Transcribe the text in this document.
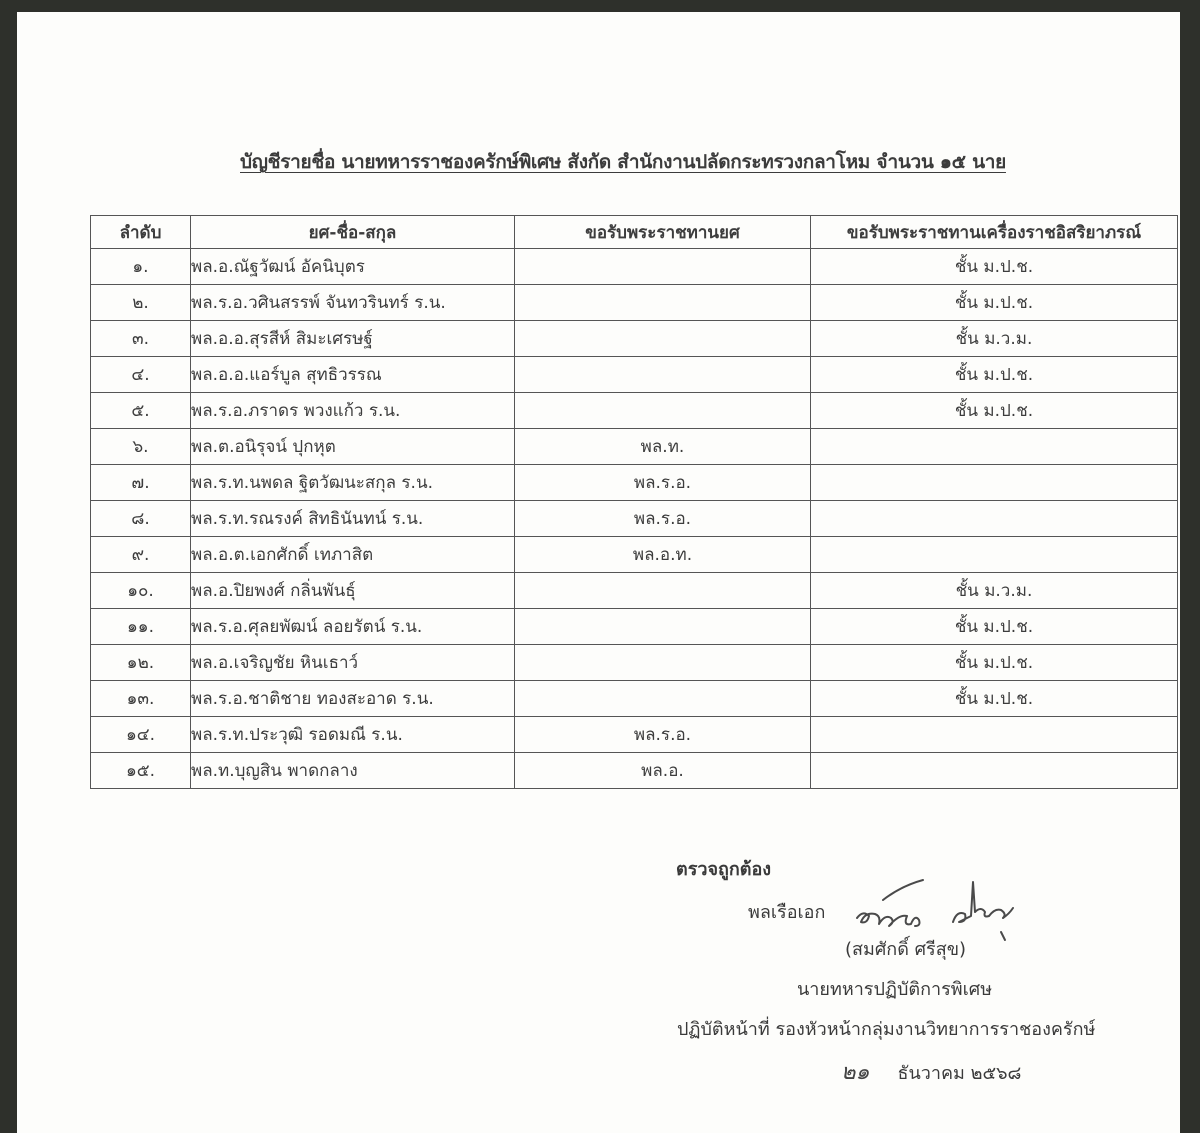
บัญชีรายชื่อ นายทหารราชองครักษ์พิเศษ สังกัด สำนักงานปลัดกระทรวงกลาโหม จำนวน ๑๕ นาย
ลำดับ	ยศ-ชื่อ-สกุล	ขอรับพระราชทานยศ	ขอรับพระราชทานเครื่องราชอิสริยาภรณ์
๑.	พล.อ.ณัฐวัฒน์ อัคนิบุตร		ชั้น ม.ป.ช.
๒.	พล.ร.อ.วศินสรรพ์ จันทวรินทร์ ร.น.		ชั้น ม.ป.ช.
๓.	พล.อ.อ.สุรสีห์ สิมะเศรษฐ์		ชั้น ม.ว.ม.
๔.	พล.อ.อ.แอร์บูล สุทธิวรรณ		ชั้น ม.ป.ช.
๕.	พล.ร.อ.ภราดร พวงแก้ว ร.น.		ชั้น ม.ป.ช.
๖.	พล.ต.อนิรุจน์ ปุกหุต	พล.ท.	
๗.	พล.ร.ท.นพดล ฐิตวัฒนะสกุล ร.น.	พล.ร.อ.	
๘.	พล.ร.ท.รณรงค์ สิทธินันทน์ ร.น.	พล.ร.อ.	
๙.	พล.อ.ต.เอกศักดิ์ เทภาสิต	พล.อ.ท.	
๑๐.	พล.อ.ปิยพงศ์ กลิ่นพันธุ์		ชั้น ม.ว.ม.
๑๑.	พล.ร.อ.ศุลยพัฒน์ ลอยรัตน์ ร.น.		ชั้น ม.ป.ช.
๑๒.	พล.อ.เจริญชัย หินเธาว์		ชั้น ม.ป.ช.
๑๓.	พล.ร.อ.ชาติชาย ทองสะอาด ร.น.		ชั้น ม.ป.ช.
๑๔.	พล.ร.ท.ประวุฒิ รอดมณี ร.น.	พล.ร.อ.	
๑๕.	พล.ท.บุญสิน พาดกลาง	พล.อ.	
ตรวจถูกต้อง
พลเรือเอก
(สมศักดิ์ ศรีสุข)
นายทหารปฏิบัติการพิเศษ
ปฏิบัติหน้าที่ รองหัวหน้ากลุ่มงานวิทยาการราชองครักษ์
๒๑ ธันวาคม ๒๕๖๘
